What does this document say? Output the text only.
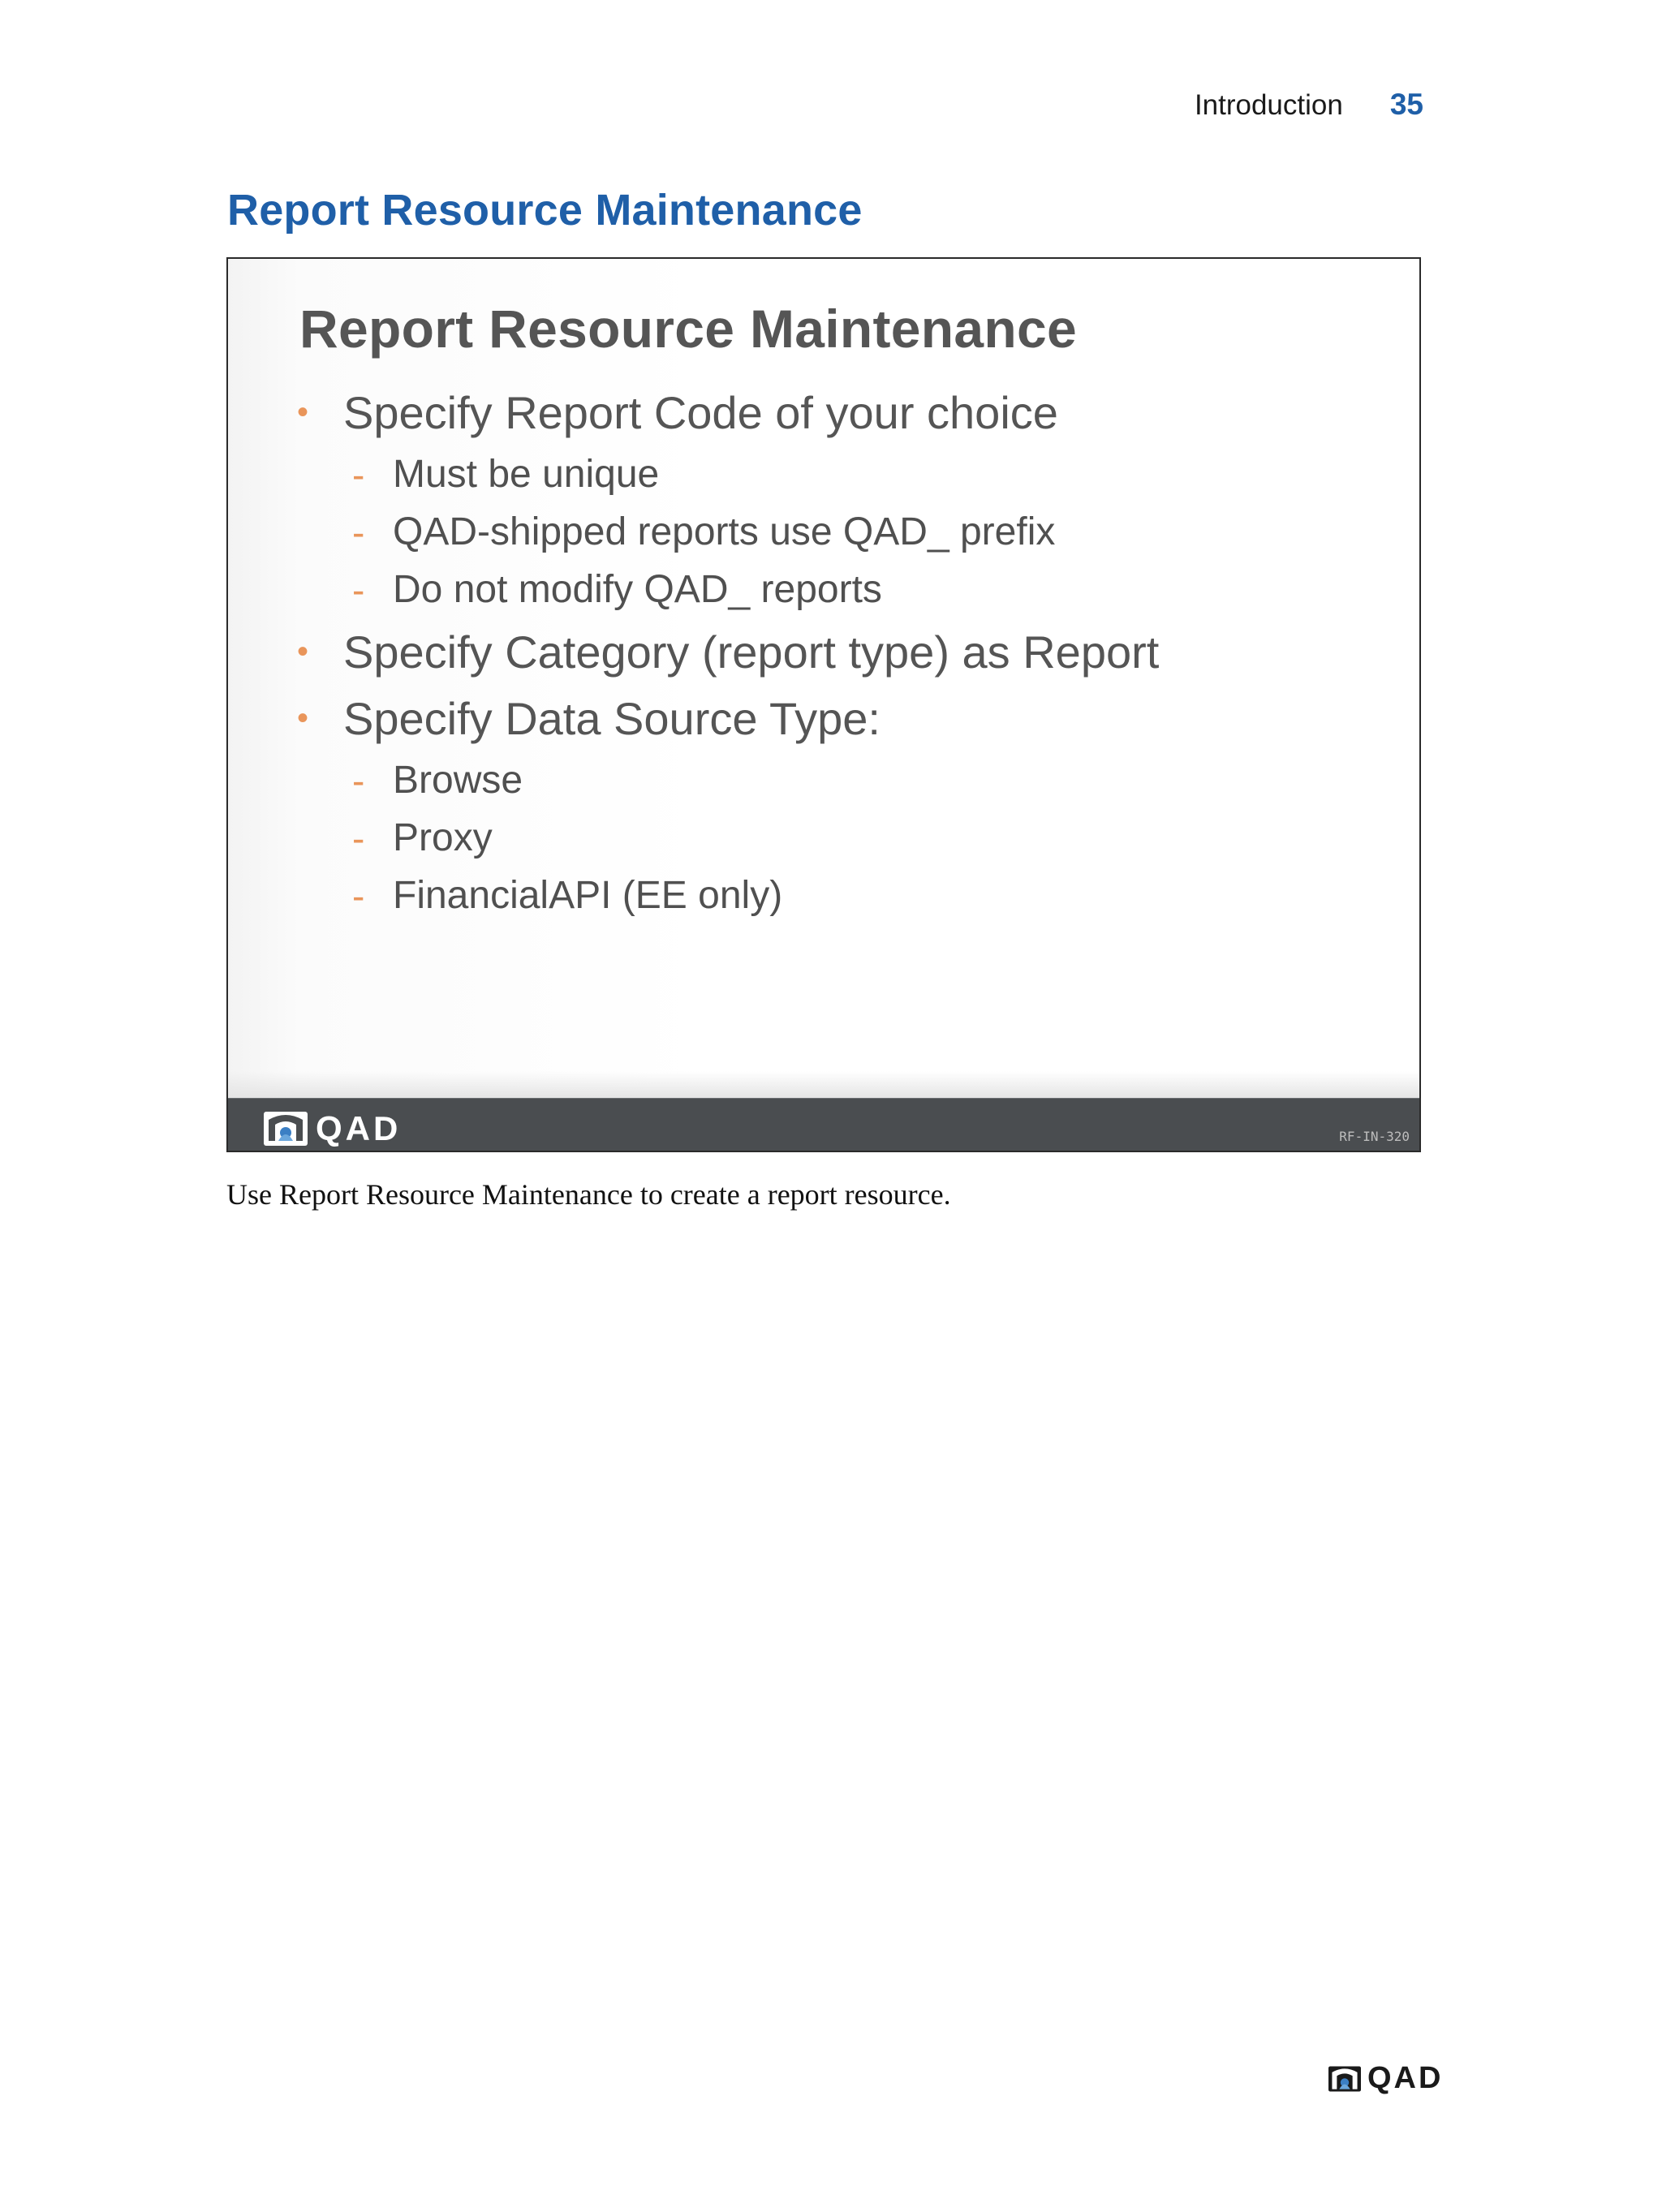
Introduction 35
Report Resource Maintenance
Report Resource Maintenance
• Specify Report Code of your choice
- Must be unique
- QAD-shipped reports use QAD_ prefix
- Do not modify QAD_ reports
• Specify Category (report type) as Report
• Specify Data Source Type:
- Browse
- Proxy
- FinancialAPI (EE only)
QAD	RF-IN-320

Use Report Resource Maintenance to create a report resource.

QAD
